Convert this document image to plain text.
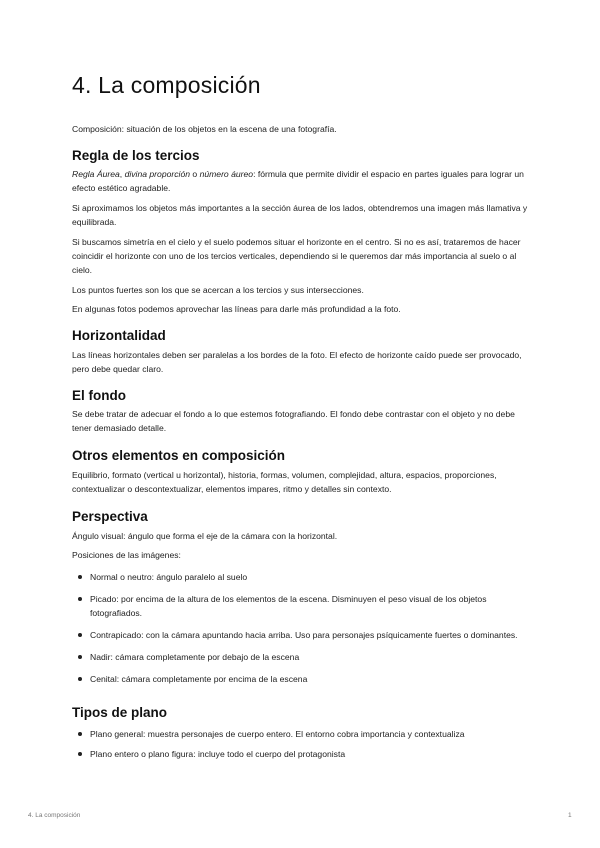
4. La composición

Composición: situación de los objetos en la escena de una fotografía.

Regla de los tercios

Regla Áurea, divina proporción o número áureo: fórmula que permite dividir el espacio en partes iguales para lograr un efecto estético agradable.

Si aproximamos los objetos más importantes a la sección áurea de los lados, obtendremos una imagen más llamativa y equilibrada.

Si buscamos simetría en el cielo y el suelo podemos situar el horizonte en el centro. Si no es así, trataremos de hacer coincidir el horizonte con uno de los tercios verticales, dependiendo si le queremos dar más importancia al suelo o al cielo.

Los puntos fuertes son los que se acercan a los tercios y sus intersecciones.

En algunas fotos podemos aprovechar las líneas para darle más profundidad a la foto.

Horizontalidad

Las líneas horizontales deben ser paralelas a los bordes de la foto. El efecto de horizonte caído puede ser provocado, pero debe quedar claro.

El fondo

Se debe tratar de adecuar el fondo a lo que estemos fotografiando. El fondo debe contrastar con el objeto y no debe tener demasiado detalle.

Otros elementos en composición

Equilibrio, formato (vertical u horizontal), historia, formas, volumen, complejidad, altura, espacios, proporciones, contextualizar o descontextualizar, elementos impares, ritmo y detalles sin contexto.

Perspectiva

Ángulo visual: ángulo que forma el eje de la cámara con la horizontal.

Posiciones de las imágenes:

Normal o neutro: ángulo paralelo al suelo
Picado: por encima de la altura de los elementos de la escena. Disminuyen el peso visual de los objetos fotografiados.
Contrapicado: con la cámara apuntando hacia arriba. Uso para personajes psíquicamente fuertes o dominantes.
Nadir: cámara completamente por debajo de la escena
Cenital: cámara completamente por encima de la escena
Tipos de plano
Plano general: muestra personajes de cuerpo entero. El entorno cobra importancia y contextualiza
Plano entero o plano figura: incluye todo el cuerpo del protagonista
4. La composición	1
